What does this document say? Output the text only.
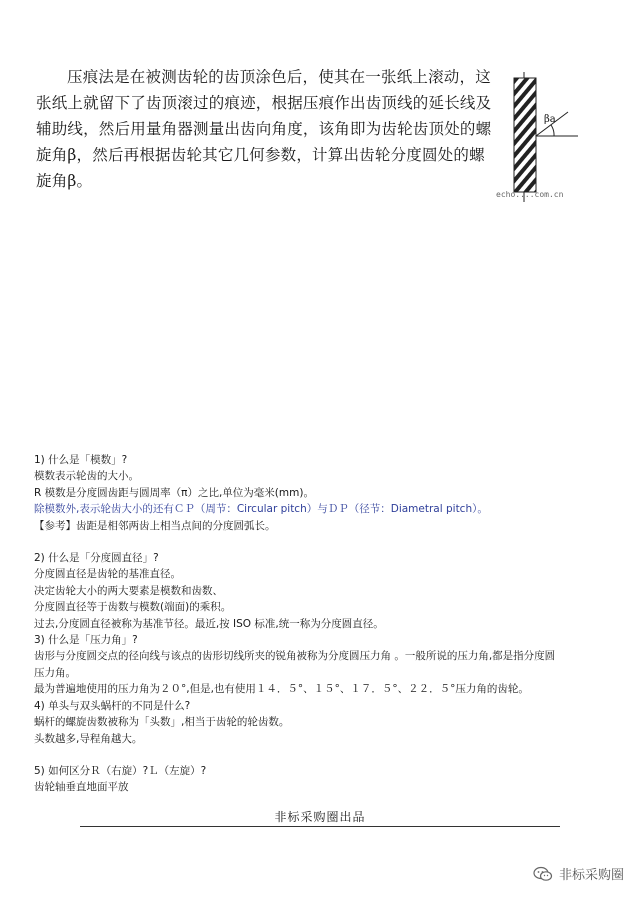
压痕法是在被测齿轮的齿顶涂色后，使其在一张纸上滚动，这张纸上就留下了齿顶滚过的痕迹，根据压痕作出齿顶线的延长线及辅助线，然后用量角器测量出齿向角度，该角即为齿轮齿顶处的螺旋角β，然后再根据齿轮其它几何参数，计算出齿轮分度圆处的螺旋角β。

βa
echo....com.cn
1) 什么是「模数」?
模数表示轮齿的大小。
R 模数是分度圆齿距与圆周率（π）之比,单位为毫米(mm)。
除模数外,表示轮齿大小的还有ＣＰ（周节：Circular pitch）与ＤＰ（径节：Diametral pitch）。
【参考】齿距是相邻两齿上相当点间的分度圆弧长。
2) 什么是「分度圆直径」?
分度圆直径是齿轮的基准直径。
决定齿轮大小的两大要素是模数和齿数、
分度圆直径等于齿数与模数(端面)的乘积。
过去,分度圆直径被称为基准节径。最近,按 ISO 标准,统一称为分度圆直径。
3) 什么是「压力角」?
齿形与分度圆交点的径向线与该点的齿形切线所夹的锐角被称为分度圆压力角 。一般所说的压力角,都是指分度圆
压力角。
最为普遍地使用的压力角为２０°,但是,也有使用１４．５°、１５°、１７．５°、２２．５°压力角的齿轮。
4) 单头与双头蜗杆的不同是什么?
蜗杆的螺旋齿数被称为「头数」,相当于齿轮的轮齿数。
头数越多,导程角越大。
5) 如何区分Ｒ（右旋）?Ｌ（左旋）?
齿轮轴垂直地面平放
非标采购圈出品
非标采购圈
